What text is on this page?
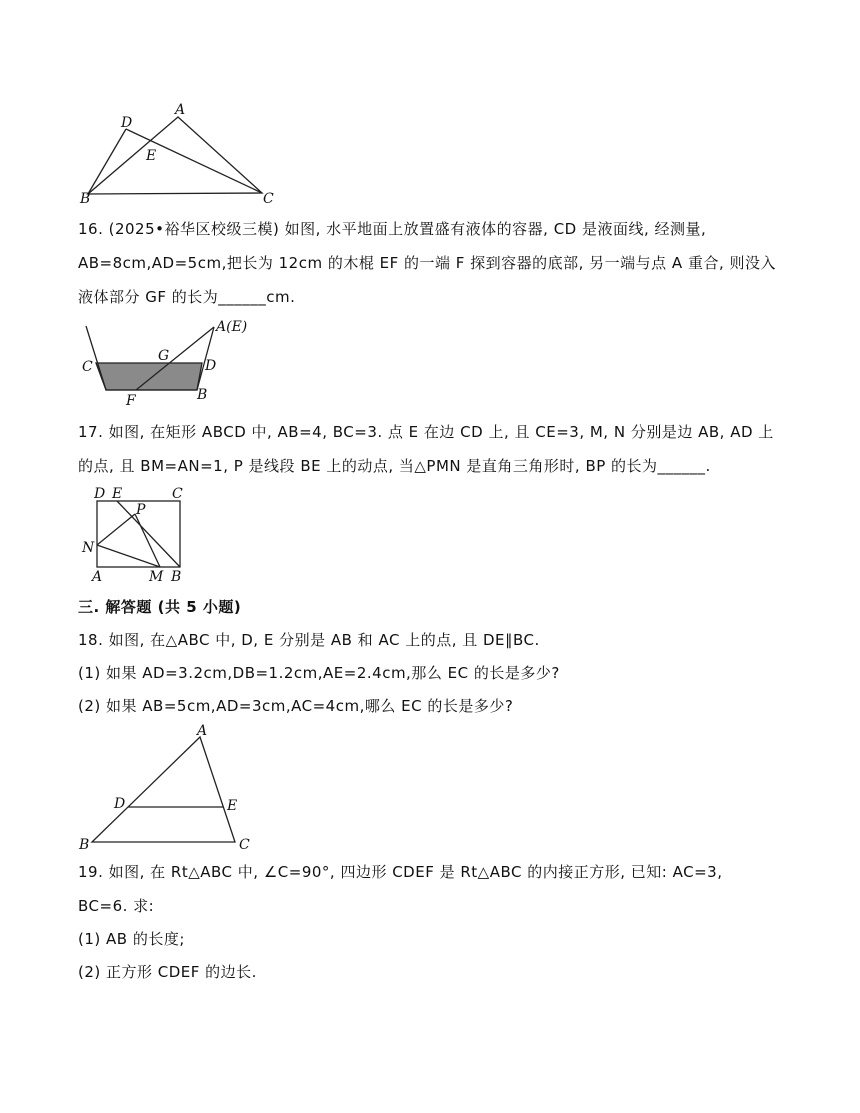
A
D
E
B	C
16. (2025•裕华区校级三模) 如图, 水平地面上放置盛有液体的容器, CD 是液面线, 经测量,
AB=8cm,AD=5cm,把长为 12cm 的木棍 EF 的一端 F 探到容器的底部, 另一端与点 A 重合, 则没入
液体部分 GF 的长为______cm.
A(E)
C
G
D
B
F
17. 如图, 在矩形 ABCD 中, AB=4, BC=3. 点 E 在边 CD 上, 且 CE=3, M, N 分别是边 AB, AD 上
的点, 且 BM=AN=1, P 是线段 BE 上的动点, 当△PMN 是直角三角形时, BP 的长为______.
D E	C
P
N
A	M B
三. 解答题 (共 5 小题)
18. 如图, 在△ABC 中, D, E 分别是 AB 和 AC 上的点, 且 DE∥BC.
(1) 如果 AD=3.2cm,DB=1.2cm,AE=2.4cm,那么 EC 的长是多少?
(2) 如果 AB=5cm,AD=3cm,AC=4cm,哪么 EC 的长是多少?
A
D	E
B	C
19. 如图, 在 Rt△ABC 中, ∠C=90°, 四边形 CDEF 是 Rt△ABC 的内接正方形, 已知: AC=3,
BC=6. 求:
(1) AB 的长度;
(2) 正方形 CDEF 的边长.
